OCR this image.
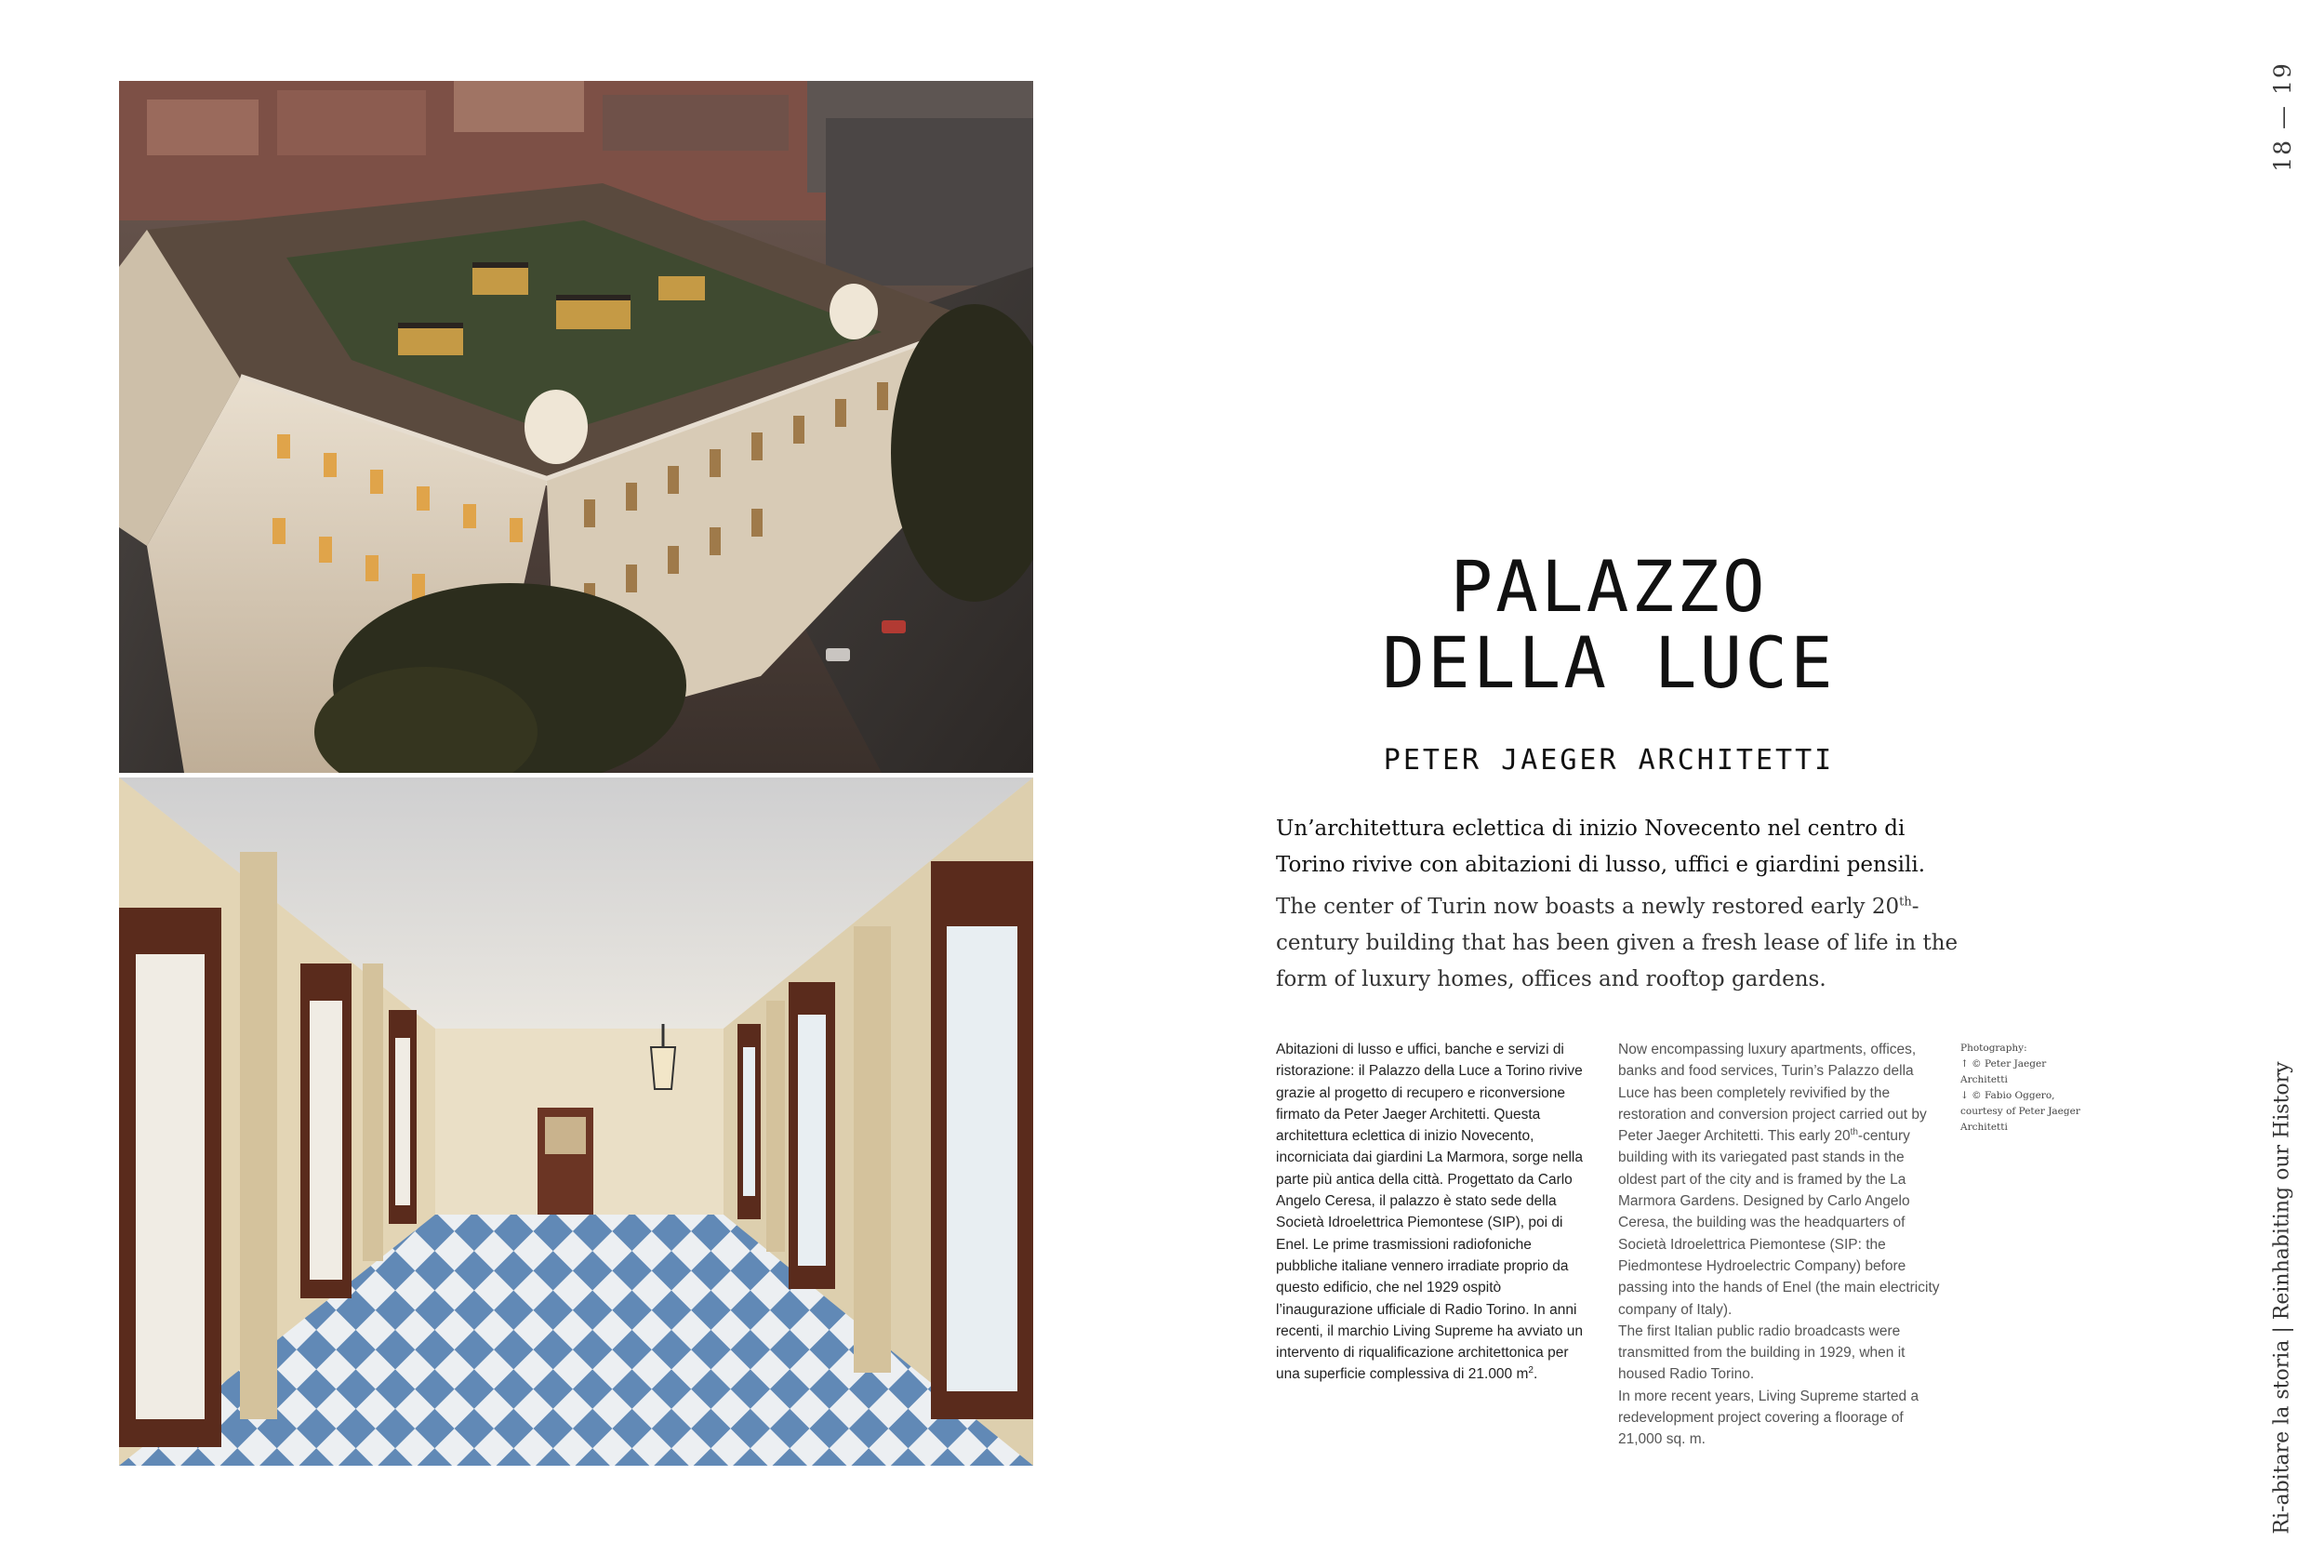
18 — 19
PALAZZO
DELLA LUCE
PETER JAEGER ARCHITETTI
Un’architettura eclettica di inizio Novecento nel centro di Torino rivive con abitazioni di lusso, uffici e giardini pensili.
The center of Turin now boasts a newly restored early 20th-century building that has been given a fresh lease of life in the form of luxury homes, offices and rooftop gardens.

Abitazioni di lusso e uffici, banche e servizi di ristorazione: il Palazzo della Luce a Torino rivive grazie al progetto di recupero e riconversione firmato da Peter Jaeger Architetti. Questa architettura eclettica di inizio Novecento, incorniciata dai giardini La Marmora, sorge nella parte più antica della città. Progettato da Carlo Angelo Ceresa, il palazzo è stato sede della Società Idroelettrica Piemontese (SIP), poi di Enel. Le prime trasmissioni radiofoniche pubbliche italiane vennero irradiate proprio da questo edificio, che nel 1929 ospitò l’inaugurazione ufficiale di Radio Torino. In anni recenti, il marchio Living Supreme ha avviato un intervento di riqualificazione architettonica per una superficie complessiva di 21.000 $m^2$.

Now encompassing luxury apartments, offices, banks and food services, Turin’s Palazzo della Luce has been completely revivified by the restoration and conversion project carried out by Peter Jaeger Architetti. This early 20th-century building with its variegated past stands in the oldest part of the city and is framed by the La Marmora Gardens. Designed by Carlo Angelo Ceresa, the building was the headquarters of Società Idroelettrica Piemontese (SIP: the Piedmontese Hydroelectric Company) before passing into the hands of Enel (the main electricity company of Italy).

The first Italian public radio broadcasts were transmitted from the building in 1929, when it housed Radio Torino.

In more recent years, Living Supreme started a redevelopment project covering a floorage of 21,000 sq. m.

Photography:
↑ © Peter Jaeger
Architetti
↓ © Fabio Oggero,
courtesy of Peter Jaeger
Architetti	Ri-abitare la storia | Reinhabiting our History
